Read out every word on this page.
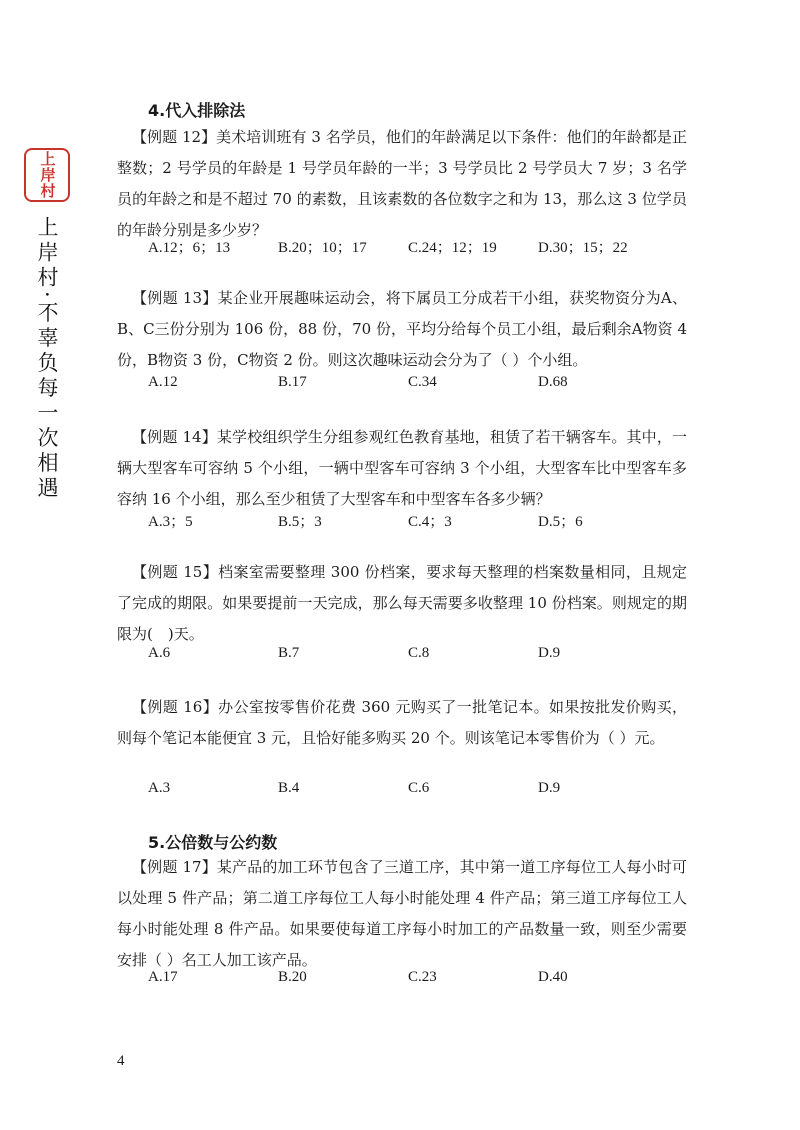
上岸村
上岸村·不辜负每一次相遇
4.代入排除法

【例题 12】美术培训班有 3 名学员，他们的年龄满足以下条件：他们的年龄都是正整数；2 号学员的年龄是 1 号学员年龄的一半；3 号学员比 2 号学员大 7 岁；3 名学员的年龄之和是不超过 70 的素数，且该素数的各位数字之和为 13，那么这 3 位学员的年龄分别是多少岁？

A.12；6；13	B.20；10；17	C.24；12；19	D.30；15；22

【例题 13】某企业开展趣味运动会，将下属员工分成若干小组，获奖物资分为A、B、C三份分别为 106 份，88 份，70 份，平均分给每个员工小组，最后剩余A物资 4 份，B物资 3 份，C物资 2 份。则这次趣味运动会分为了（ ）个小组。

A.12	B.17	C.34	D.68

【例题 14】某学校组织学生分组参观红色教育基地，租赁了若干辆客车。其中，一辆大型客车可容纳 5 个小组，一辆中型客车可容纳 3 个小组，大型客车比中型客车多容纳 16 个小组，那么至少租赁了大型客车和中型客车各多少辆？

A.3；5	B.5；3	C.4；3	D.5；6

【例题 15】档案室需要整理 300 份档案，要求每天整理的档案数量相同，且规定了完成的期限。如果要提前一天完成，那么每天需要多收整理 10 份档案。则规定的期限为(　)天。

A.6	B.7	C.8	D.9

【例题 16】办公室按零售价花费 360 元购买了一批笔记本。如果按批发价购买，则每个笔记本能便宜 3 元，且恰好能多购买 20 个。则该笔记本零售价为（ ）元。

A.3	B.4	C.6	D.9
5.公倍数与公约数

【例题 17】某产品的加工环节包含了三道工序，其中第一道工序每位工人每小时可以处理 5 件产品；第二道工序每位工人每小时能处理 4 件产品；第三道工序每位工人每小时能处理 8 件产品。如果要使每道工序每小时加工的产品数量一致，则至少需要安排（ ）名工人加工该产品。

A.17	B.20	C.23	D.40
4
